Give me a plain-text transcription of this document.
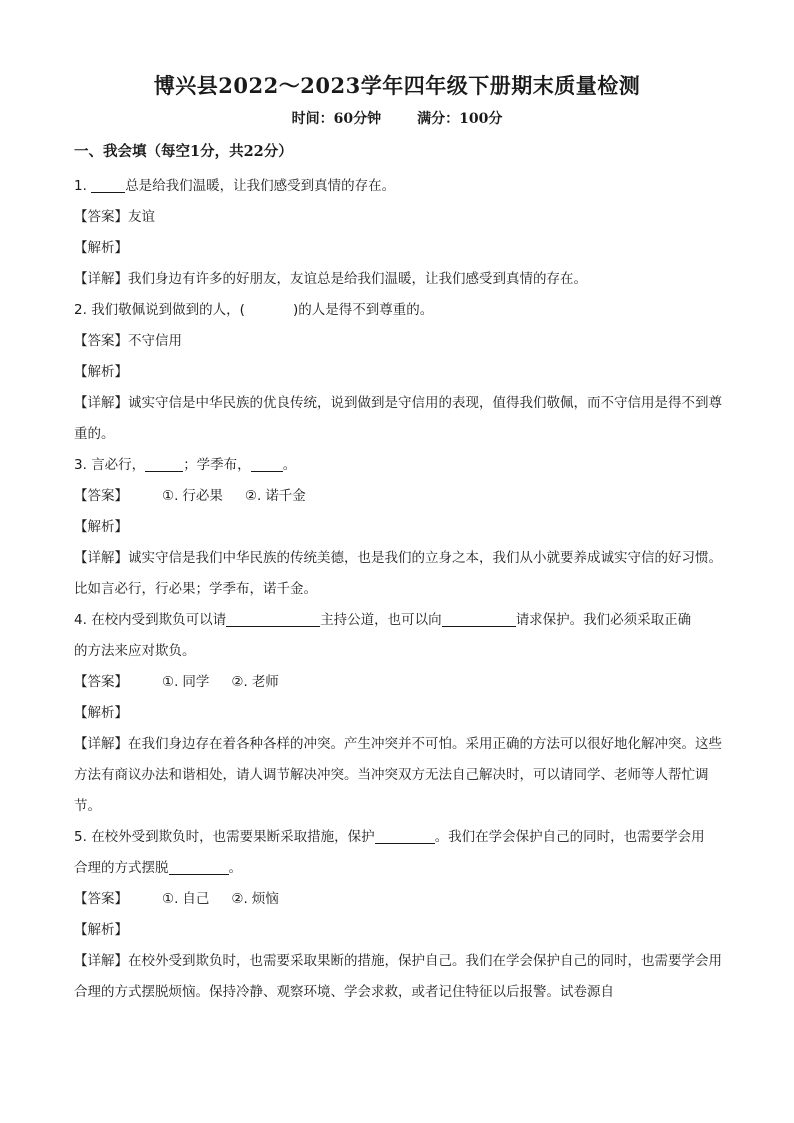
博兴县2022～2023学年四年级下册期末质量检测
时间：60分钟	满分：100分
一、我会填（每空1分，共22分）
1.	总是给我们温暖，让我们感受到真情的存在。
【答案】友谊
【解析】
【详解】我们身边有许多的好朋友，友谊总是给我们温暖，让我们感受到真情的存在。
2. 我们敬佩说到做到的人，(	)的人是得不到尊重的。
【答案】不守信用
【解析】
【详解】诚实守信是中华民族的优良传统，说到做到是守信用的表现，值得我们敬佩，而不守信用是得不到尊重的。
3. 言必行，	；学季布， 。
【答案】	①. 行必果 ②. 诺千金
【解析】
【详解】诚实守信是我们中华民族的传统美德，也是我们的立身之本，我们从小就要养成诚实守信的好习惯。比如言必行，行必果；学季布，诺千金。
4. 在校内受到欺负可以请	主持公道，也可以向	请求保护。我们必须采取正确
的方法来应对欺负。
【答案】	①. 同学 ②. 老师
【解析】
【详解】在我们身边存在着各种各样的冲突。产生冲突并不可怕。采用正确的方法可以很好地化解冲突。这些方法有商议办法和谐相处，请人调节解决冲突。当冲突双方无法自己解决时，可以请同学、老师等人帮忙调节。
5. 在校外受到欺负时，也需要果断采取措施，保护	。我们在学会保护自己的同时，也需要学会用
合理的方式摆脱	。
【答案】	①. 自己 ②. 烦恼
【解析】
【详解】在校外受到欺负时，也需要采取果断的措施，保护自己。我们在学会保护自己的同时，也需要学会用合理的方式摆脱烦恼。保持冷静、观察环境、学会求救，或者记住特征以后报警。试卷源自
